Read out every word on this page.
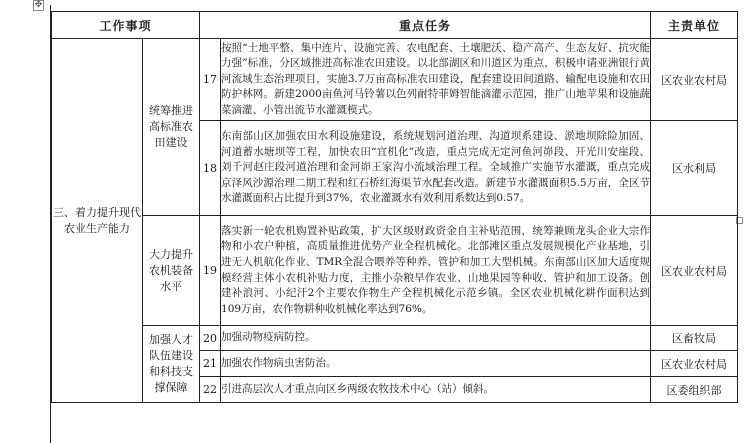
✥
工作事项		重点任务		主责单位
三、着力提升现代农业生产能力	统筹推进高标准农田建设	17	按照“土地平整、集中连片、设施完善、农电配套、土壤肥沃、稳产高产、生态友好、抗灾能力强”标准，分区域推进高标准农田建设。以北部湖区和川道区为重点，积极申请亚洲银行黄河流域生态治理项目，实施3.7万亩高标准农田建设，配套建设田间道路、输配电设施和农田防护林网。新建2000亩鱼河马铃薯以色列耐特菲姆智能滴灌示范园，推广山地苹果和设施蔬菜滴灌、小管出流节水灌溉模式。	区农业农村局
		18	东南部山区加强农田水利设施建设，系统规划河道治理、沟道坝系建设、淤地坝除险加固、河道蓄水塘坝等工程，加快农田“宜机化”改造，重点完成无定河鱼河峁段、开光川安崖段、刘千河赵庄段河道治理和金河峁王家沟小流域治理工程。全域推广实施节水灌溉，重点完成京泽风沙源治理二期工程和红石桥红海渠节水配套改造。新建节水灌溉面积5.5万亩，全区节水灌溉面积占比提升到37%，农业灌溉水有效利用系数达到0.57。	区水利局
	大力提升农机装备水平	19	落实新一轮农机购置补贴政策，扩大区级财政资金自主补贴范围，统筹兼顾龙头企业大宗作物和小农户种植，高质量推进优势产业全程机械化。北部滩区重点发展规模化产业基地，引进无人机航化作业、TMR全混合喂养等种养、管护和加工大型机械。东南部山区加大适度规模经营主体小农机补贴力度，主推小杂粮旱作农业、山地果园等种收、管护和加工设备。创建补浪河、小纪汗2个主要农作物生产全程机械化示范乡镇。全区农业机械化耕作面积达到109万亩，农作物耕种收机械化率达到76%。	区农业农村局
	加强人才队伍建设和科技支撑保障	20	加强动物疫病防控。	区畜牧局
		21	加强农作物病虫害防治。	区农业农村局
		22	引进高层次人才重点向区乡两级农牧技术中心（站）倾斜。	区委组织部
